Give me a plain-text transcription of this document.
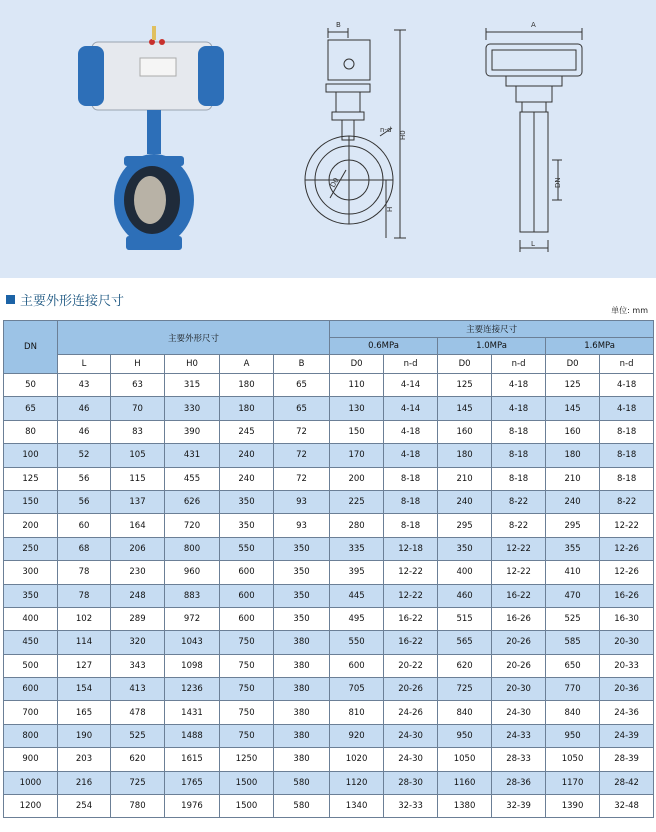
B
n-d
H0
H
D0
A
DN
L
主要外形连接尺寸
单位: mm
DN	主要外形尺寸					主要连接尺寸					
						0.6MPa		1.0MPa		1.6MPa	
	L	H	H0	A	B	D0	n-d	D0	n-d	D0	n-d
50	43	63	315	180	65	110	4-14	125	4-18	125	4-18
65	46	70	330	180	65	130	4-14	145	4-18	145	4-18
80	46	83	390	245	72	150	4-18	160	8-18	160	8-18
100	52	105	431	240	72	170	4-18	180	8-18	180	8-18
125	56	115	455	240	72	200	8-18	210	8-18	210	8-18
150	56	137	626	350	93	225	8-18	240	8-22	240	8-22
200	60	164	720	350	93	280	8-18	295	8-22	295	12-22
250	68	206	800	550	350	335	12-18	350	12-22	355	12-26
300	78	230	960	600	350	395	12-22	400	12-22	410	12-26
350	78	248	883	600	350	445	12-22	460	16-22	470	16-26
400	102	289	972	600	350	495	16-22	515	16-26	525	16-30
450	114	320	1043	750	380	550	16-22	565	20-26	585	20-30
500	127	343	1098	750	380	600	20-22	620	20-26	650	20-33
600	154	413	1236	750	380	705	20-26	725	20-30	770	20-36
700	165	478	1431	750	380	810	24-26	840	24-30	840	24-36
800	190	525	1488	750	380	920	24-30	950	24-33	950	24-39
900	203	620	1615	1250	380	1020	24-30	1050	28-33	1050	28-39
1000	216	725	1765	1500	580	1120	28-30	1160	28-36	1170	28-42
1200	254	780	1976	1500	580	1340	32-33	1380	32-39	1390	32-48
